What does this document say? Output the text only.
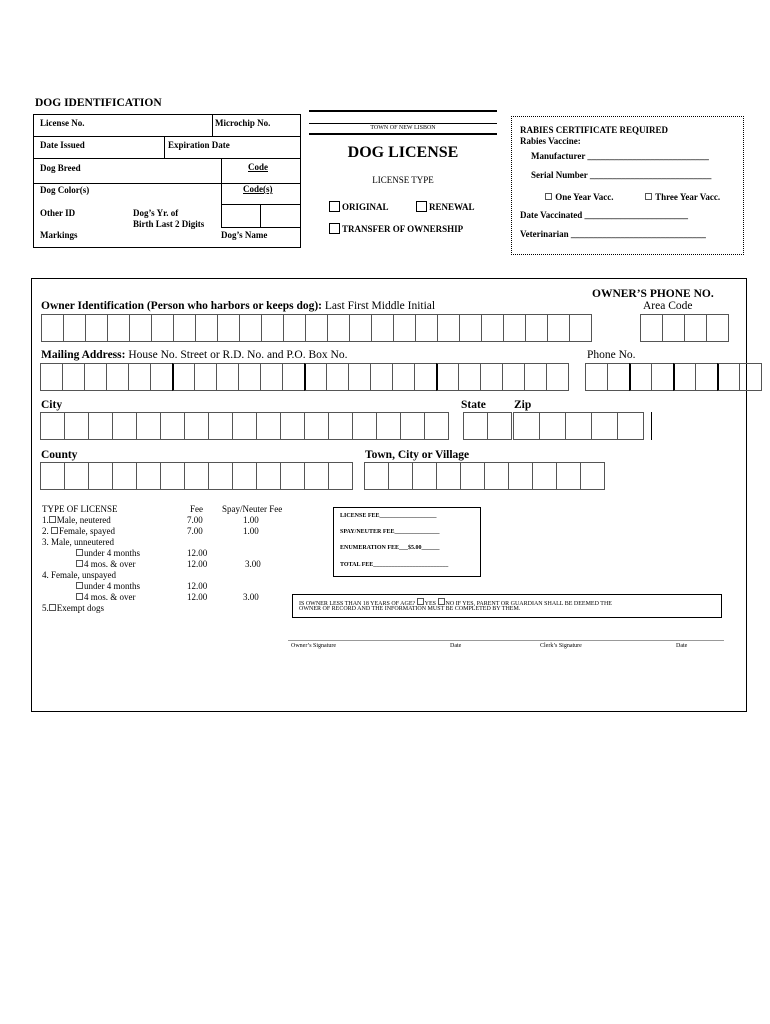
DOG IDENTIFICATION
License No.	Microchip No.
Date Issued	Expiration Date
Dog Breed	Code
Dog Color(s)	Code(s)
Other ID	Dog’s Yr. of
Birth Last 2 Digits
Markings	Dog’s Name
TOWN OF NEW LISBON
DOG LICENSE
LICENSE TYPE
ORIGINAL	RENEWAL
TRANSFER OF OWNERSHIP
RABIES CERTIFICATE REQUIRED
Rabies Vaccine:
Manufacturer ___________________________
Serial Number ___________________________
One Year Vacc.	Three Year Vacc.
Date Vaccinated _______________________
Veterinarian ______________________________
OWNER’S PHONE NO.
Owner Identification (Person who harbors or keeps dog): Last First Middle Initial	Area Code
Mailing Address: House No. Street or R.D. No. and P.O. Box No.	Phone No.
City	State Zip
County	Town, City or Village
TYPE OF LICENSE	Fee Spay/Neuter Fee
1. Male, neutered	7.00	1.00
2. Female, spayed	7.00	1.00
3. Male, unneutered
under 4 months	12.00
4 mos. & over	12.00	3.00
4. Female, unspayed
under 4 months	12.00
4 mos. & over	12.00	3.00
5. Exempt dogs
LICENSE FEE___________________
SPAY/NEUTER FEE_______________
ENUMERATION FEE___$5.00______
TOTAL FEE_________________________
IS OWNER LESS THAN 18 YEARS OF AGE? YES NO IF YES, PARENT OR GUARDIAN SHALL BE DEEMED THE
OWNER OF RECORD AND THE INFORMATION MUST BE COMPLETED BY THEM.
Owner’s Signature	Date	Clerk’s Signature	Date
